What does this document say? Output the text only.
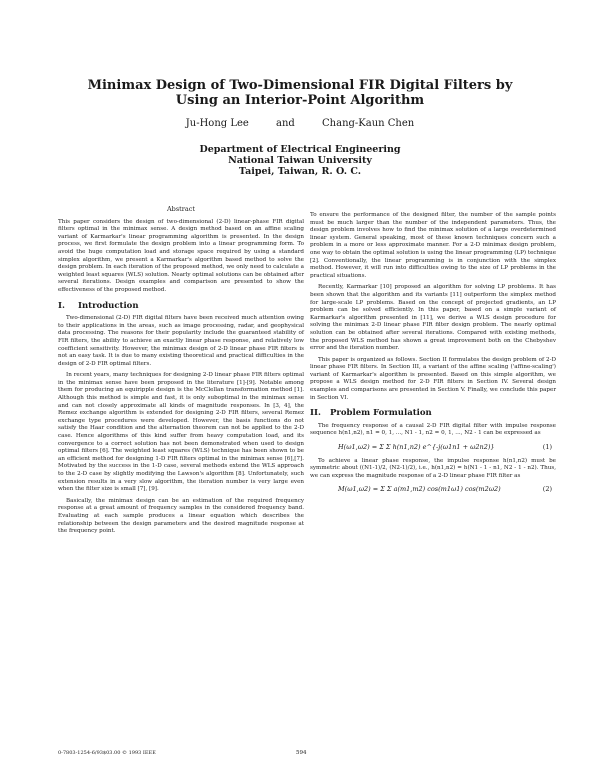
Minimax Design of Two-Dimensional FIR Digital Filters by
Using an Interior-Point Algorithm
Ju-Hong Lee	and	Chang-Kaun Chen
Department of Electrical Engineering
National Taiwan University
Taipei, Taiwan, R. O. C.
Abstract

This paper considers the design of two-dimensional (2-D) linear-phase FIR digital filters optimal in the minimax sense. A design method based on an affine scaling variant of Karmarkar's linear programming algorithm is presented. In the design process, we first formulate the design problem into a linear programming form. To avoid the huge computation load and storage space required by using a standard simplex algorithm, we present a Karmarkar's algorithm based method to solve the design problem. In each iteration of the proposed method, we only need to calculate a weighted least squares (WLS) solution. Nearly optimal solutions can be obtained after several iterations. Design examples and comparison are presented to show the effectiveness of the proposed method.

I. Introduction

Two-dimensional (2-D) FIR digital filters have been received much attention owing to their applications in the areas, such as image processing, radar, and geophysical data processing. The reasons for their popularity include the guaranteed stability of FIR filters, the ability to achieve an exactly linear phase response, and relatively low coefficient sensitivity. However, the minimax design of 2-D linear phase FIR filters is not an easy task. It is due to many existing theoretical and practical difficulties in the design of 2-D FIR optimal filters.

In recent years, many techniques for designing 2-D linear phase FIR filters optimal in the minimax sense have been proposed in the literature [1]-[9]. Notable among them for producing an equiripple design is the McClellan transformation method [1]. Although this method is simple and fast, it is only suboptimal in the minimax sense and can not closely approximate all kinds of magnitude responses. In [3, 4], the Remez exchange algorithm is extended for designing 2-D FIR filters, several Remez exchange type procedures were developed. However, the basis functions do not satisfy the Haar condition and the alternation theorem can not be applied to the 2-D case. Hence algorithms of this kind suffer from heavy computation load, and its convergence to a correct solution has not been demonstrated when used to design optimal filters [6]. The weighted least squares (WLS) technique has been shown to be an efficient method for designing 1-D FIR filters optimal in the minimax sense [6],[7]. Motivated by the success in the 1-D case, several methods extend the WLS approach to the 2-D case by slightly modifying the Lawson's algorithm [8]. Unfortunately, such extension results in a very slow algorithm, the iteration number is very large even when the filter size is small [7], [9].

Basically, the minimax design can be an estimation of the required frequency response at a great amount of frequency samples in the considered frequency band. Evaluating at each sample produces a linear equation which describes the relationship between the design parameters and the desired magnitude response at the frequency point.

To ensure the performance of the designed filter, the number of the sample points must be much larger than the number of the independent parameters. Thus, the design problem involves how to find the minimax solution of a large overdetermined linear system. General speaking, most of these known techniques concern such a problem in a more or less approximate manner. For a 2-D minimax design problem, one way to obtain the optimal solution is using the linear programming (LP) technique [2]. Conventionally, the linear programming is in conjunction with the simplex method. However, it will run into difficulties owing to the size of LP problems in the practical situations.

Recently, Karmarkar [10] proposed an algorithm for solving LP problems. It has been shown that the algorithm and its variants [11] outperform the simplex method for large-scale LP problems. Based on the concept of projected gradients, an LP problem can be solved efficiently. In this paper, based on a simple variant of Karmarkar's algorithm presented in [11], we derive a WLS design procedure for solving the minimax 2-D linear phase FIR filter design problem. The nearly optimal solution can be obtained after several iterations. Compared with existing methods, the proposed WLS method has shown a great improvement both on the Chebyshev error and the iteration number.

This paper is organized as follows. Section II formulates the design problem of 2-D linear phase FIR filters. In Section III, a variant of the affine scaling ('affine-scaling') variant of Karmarkar's algorithm is presented. Based on this simple algorithm, we propose a WLS design method for 2-D FIR filters in Section IV. Several design examples and comparisons are presented in Section V. Finally, we conclude this paper in Section VI.

II. Problem Formulation

The frequency response of a causal 2-D FIR digital filter with impulse response sequence h(n1,n2), n1 = 0, 1, ..., N1 - 1, n2 = 0, 1, ..., N2 - 1 can be expressed as

H(ω1,ω2) = Σ Σ h(n1,n2) e^{-j(ω1n1 + ω2n2)}	(1)

To achieve a linear phase response, the impulse response h(n1,n2) must be symmetric about ((N1-1)/2, (N2-1)/2), i.e., h(n1,n2) = h(N1 - 1 - n1, N2 - 1 - n2). Thus, we can express the magnitude response of a 2-D linear phase FIR filter as

M(ω1,ω2) = Σ Σ a(m1,m2) cos(m1ω1) cos(m2ω2)	(2)
0-7803-1254-6/93$03.00 © 1993 IEEE	594
